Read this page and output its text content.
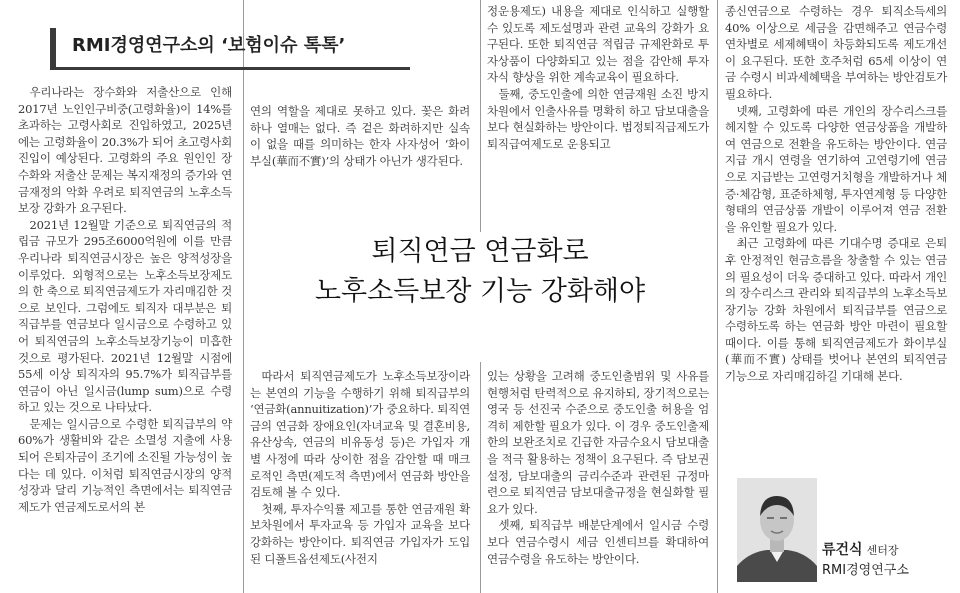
RMI경영연구소의 ‘보험이슈 톡톡’

우리나라는 장수화와 저출산으로 인해 2017년 노인인구비중(고령화율)이 14%를 초과하는 고령사회로 진입하였고, 2025년에는 고령화율이 20.3%가 되어 초고령사회 진입이 예상된다. 고령화의 주요 원인인 장수화와 저출산 문제는 복지재정의 증가와 연금재정의 악화 우려로 퇴직연금의 노후소득보장 강화가 요구된다.

2021년 12월말 기준으로 퇴직연금의 적립금 규모가 295조6000억원에 이를 만큼 우리나라 퇴직연금시장은 높은 양적성장을 이루었다. 외형적으로는 노후소득보장제도의 한 축으로 퇴직연금제도가 자리매김한 것으로 보인다. 그럼에도 퇴직자 대부분은 퇴직급부를 연금보다 일시금으로 수령하고 있어 퇴직연금의 노후소득보장기능이 미흡한 것으로 평가된다. 2021년 12월말 시점에 55세 이상 퇴직자의 95.7%가 퇴직급부를 연금이 아닌 일시금(lump sum)으로 수령하고 있는 것으로 나타났다.

문제는 일시금으로 수령한 퇴직급부의 약 60%가 생활비와 같은 소멸성 지출에 사용되어 은퇴자금이 조기에 소진될 가능성이 높다는 데 있다. 이처럼 퇴직연금시장의 양적 성장과 달리 기능적인 측면에서는 퇴직연금제도가 연금제도로서의 본

연의 역할을 제대로 못하고 있다. 꽃은 화려하나 열매는 없다. 즉 겉은 화려하지만 실속이 없을 때를 의미하는 한자 사자성어 ‘화이부실(華而不實)’의 상태가 아닌가 생각된다.

정운용제도) 내용을 제대로 인식하고 실행할 수 있도록 제도설명과 관련 교육의 강화가 요구된다. 또한 퇴직연금 적립금 규제완화로 투자상품이 다양화되고 있는 점을 감안해 투자자식 향상을 위한 계속교육이 필요하다.

둘째, 중도인출에 의한 연금재원 소진 방지차원에서 인출사유를 명확히 하고 담보대출을 보다 현실화하는 방안이다. 법정퇴직급제도가 퇴직급여제도로 운용되고

퇴직연금 연금화로
노후소득보장 기능 강화해야

따라서 퇴직연금제도가 노후소득보장이라는 본연의 기능을 수행하기 위해 퇴직급부의 ‘연금화(annuitization)’가 중요하다. 퇴직연금의 연금화 장애요인(자녀교육 및 결혼비용, 유산상속, 연금의 비유동성 등)은 가입자 개별 사정에 따라 상이한 점을 감안할 때 매크로적인 측면(제도적 측면)에서 연금화 방안을 검토해 볼 수 있다.

첫째, 투자수익률 제고를 통한 연금재원 확보차원에서 투자교육 등 가입자 교육을 보다 강화하는 방안이다. 퇴직연금 가입자가 도입된 디폴트옵션제도(사전지

있는 상황을 고려해 중도인출범위 및 사유를 현행처럼 탄력적으로 유지하되, 장기적으로는 영국 등 선진국 수준으로 중도인출 허용을 엄격히 제한할 필요가 있다. 이 경우 중도인출제한의 보완조치로 긴급한 자금수요시 담보대출을 적극 활용하는 정책이 요구된다. 즉 담보권 설정, 담보대출의 금리수준과 관련된 규정마련으로 퇴직연금 담보대출규정을 현실화할 필요가 있다.

셋째, 퇴직급부 배분단계에서 일시금 수령보다 연금수령시 세금 인센티브를 확대하여 연금수령을 유도하는 방안이다.

종신연금으로 수령하는 경우 퇴직소득세의 40% 이상으로 세금을 감면해주고 연금수령 연차별로 세제혜택이 차등화되도록 제도개선이 요구된다. 또한 호주처럼 65세 이상이 연금 수령시 비과세혜택을 부여하는 방안검토가 필요하다.

넷째, 고령화에 따른 개인의 장수리스크를 헤지할 수 있도록 다양한 연금상품을 개발하여 연금으로 전환을 유도하는 방안이다. 연금지급 개시 연령을 연기하여 고연령기에 연금으로 지급받는 고연령거치형을 개발하거나 체증·체감형, 표준하체형, 투자연계형 등 다양한 형태의 연금상품 개발이 이루어져 연금 전환을 유인할 필요가 있다.

최근 고령화에 따른 기대수명 증대로 은퇴 후 안정적인 현금흐름을 창출할 수 있는 연금의 필요성이 더욱 증대하고 있다. 따라서 개인의 장수리스크 관리와 퇴직급부의 노후소득보장기능 강화 차원에서 퇴직급부를 연금으로 수령하도록 하는 연금화 방안 마련이 필요할 때이다. 이를 통해 퇴직연금제도가 화이부실(華而不實) 상태를 벗어나 본연의 퇴직연금 기능으로 자리매김하길 기대해 본다.

류건식 센터장
RMI경영연구소
